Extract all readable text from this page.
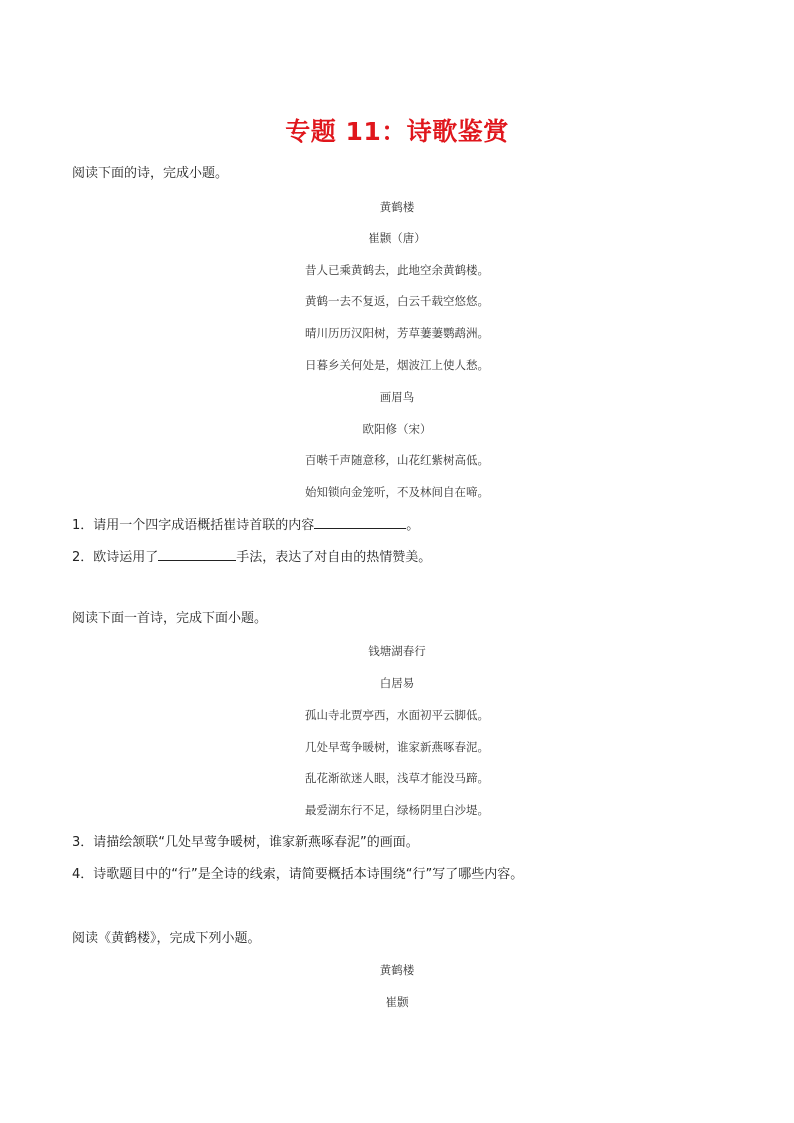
专题 11：诗歌鉴赏
阅读下面的诗，完成小题。
黄鹤楼
崔颢（唐）
昔人已乘黄鹤去，此地空余黄鹤楼。
黄鹤一去不复返，白云千载空悠悠。
晴川历历汉阳树，芳草萋萋鹦鹉洲。
日暮乡关何处是，烟波江上使人愁。
画眉鸟
欧阳修（宋）
百啭千声随意移，山花红紫树高低。
始知锁向金笼听，不及林间自在啼。
1．请用一个四字成语概括崔诗首联的内容	。
2．欧诗运用了	手法，表达了对自由的热情赞美。
阅读下面一首诗，完成下面小题。
钱塘湖春行
白居易
孤山寺北贾亭西，水面初平云脚低。
几处早莺争暖树，谁家新燕啄春泥。
乱花渐欲迷人眼，浅草才能没马蹄。
最爱湖东行不足，绿杨阴里白沙堤。
3．请描绘颔联“几处早莺争暖树，谁家新燕啄春泥”的画面。
4．诗歌题目中的“行”是全诗的线索，请简要概括本诗围绕“行”写了哪些内容。
阅读《黄鹤楼》，完成下列小题。
黄鹤楼
崔颢
